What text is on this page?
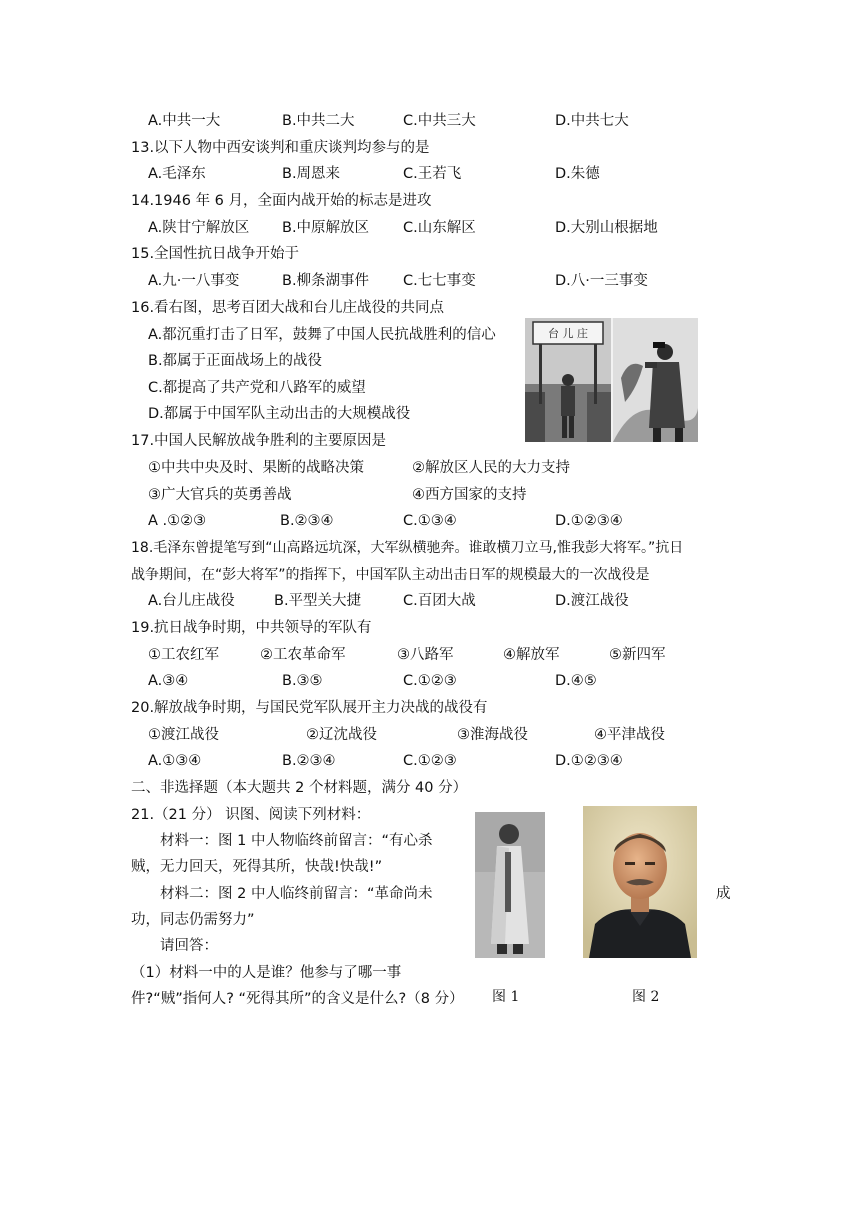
A.中共一大	B.中共二大	C.中共三大	D.中共七大
13.以下人物中西安谈判和重庆谈判均参与的是
A.毛泽东	B.周恩来	C.王若飞	D.朱德
14.1946 年 6 月，全面内战开始的标志是进攻
A.陕甘宁解放区 B.中原解放区 C.山东解区	D.大别山根据地
15.全国性抗日战争开始于
A.九·一八事变	B.柳条湖事件 C.七七事变	D.八·一三事变
16.看右图，思考百团大战和台儿庄战役的共同点
A.都沉重打击了日军，鼓舞了中国人民抗战胜利的信心
B.都属于正面战场上的战役
C.都提高了共产党和八路军的威望
D.都属于中国军队主动出击的大规模战役
台 儿 庄
17.中国人民解放战争胜利的主要原因是
①中共中央及时、果断的战略决策	②解放区人民的大力支持
③广大官兵的英勇善战	④西方国家的支持
A .①②③	B.②③④	C.①③④	D.①②③④
18.毛泽东曾提笔写到“山高路远坑深，大军纵横驰奔。谁敢横刀立马,惟我彭大将军。”抗日
战争期间，在“彭大将军”的指挥下，中国军队主动出击日军的规模最大的一次战役是
A.台儿庄战役	B.平型关大捷	C.百团大战	D.渡江战役
19.抗日战争时期，中共领导的军队有
①工农红军	②工农革命军	③八路军	④解放军	⑤新四军
A.③④	B.③⑤	C.①②③	D.④⑤
20.解放战争时期，与国民党军队展开主力决战的战役有
①渡江战役	②辽沈战役	③淮海战役	④平津战役
A.①③④	B.②③④	C.①②③	D.①②③④
二、非选择题（本大题共 2 个材料题，满分 40 分）
21.（21 分） 识图、阅读下列材料：
材料一：图 1 中人物临终前留言：“有心杀
贼，无力回天，死得其所，快哉!快哉!”
材料二：图 2 中人临终前留言：“革命尚未	成
功，同志仍需努力”
请回答：
（1）材料一中的人是谁？他参与了哪一事
件?“贼”指何人? “死得其所”的含义是什么?（8 分） 图 1	图 2
